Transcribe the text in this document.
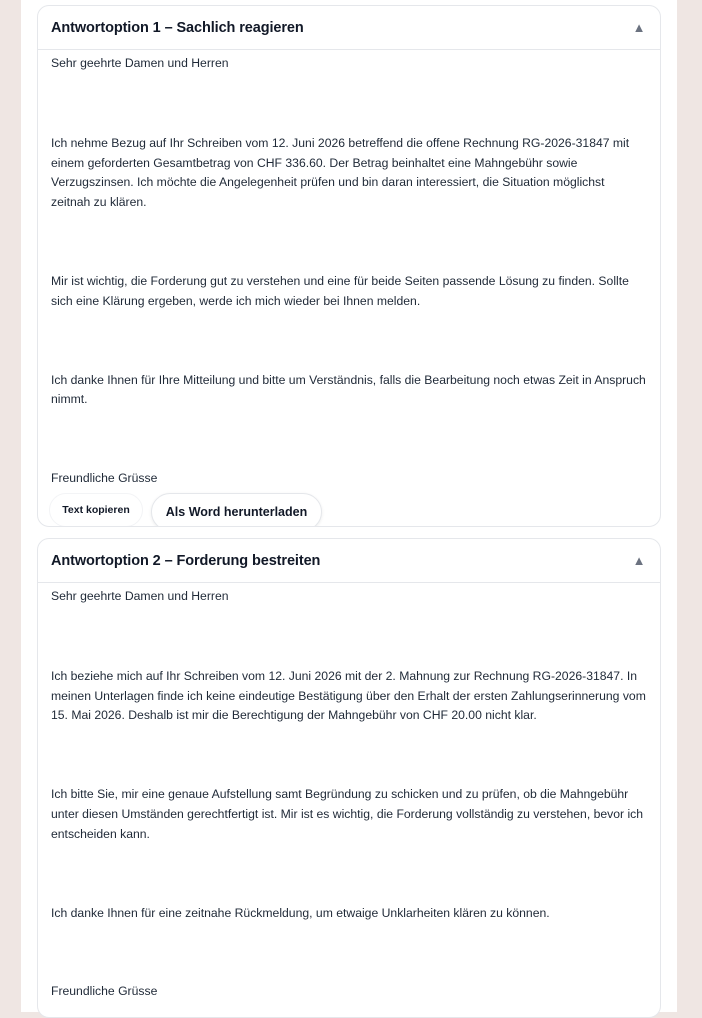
Antwortoption 1 – Sachlich reagieren	▲

Sehr geehrte Damen und Herren

Ich nehme Bezug auf Ihr Schreiben vom 12. Juni 2026 betreffend die offene Rechnung RG-2026-31847 mit einem geforderten Gesamtbetrag von CHF 336.60. Der Betrag beinhaltet eine Mahngebühr sowie Verzugszinsen. Ich möchte die Angelegenheit prüfen und bin daran interessiert, die Situation möglichst zeitnah zu klären.

Mir ist wichtig, die Forderung gut zu verstehen und eine für beide Seiten passende Lösung zu finden. Sollte sich eine Klärung ergeben, werde ich mich wieder bei Ihnen melden.

Ich danke Ihnen für Ihre Mitteilung und bitte um Verständnis, falls die Bearbeitung noch etwas Zeit in Anspruch nimmt.

Freundliche Grüsse

Text kopieren	Als Word herunterladen
Antwortoption 2 – Forderung bestreiten	▲

Sehr geehrte Damen und Herren

Ich beziehe mich auf Ihr Schreiben vom 12. Juni 2026 mit der 2. Mahnung zur Rechnung RG-2026-31847. In meinen Unterlagen finde ich keine eindeutige Bestätigung über den Erhalt der ersten Zahlungserinnerung vom 15. Mai 2026. Deshalb ist mir die Berechtigung der Mahngebühr von CHF 20.00 nicht klar.

Ich bitte Sie, mir eine genaue Aufstellung samt Begründung zu schicken und zu prüfen, ob die Mahngebühr unter diesen Umständen gerechtfertigt ist. Mir ist es wichtig, die Forderung vollständig zu verstehen, bevor ich entscheiden kann.

Ich danke Ihnen für eine zeitnahe Rückmeldung, um etwaige Unklarheiten klären zu können.

Freundliche Grüsse
